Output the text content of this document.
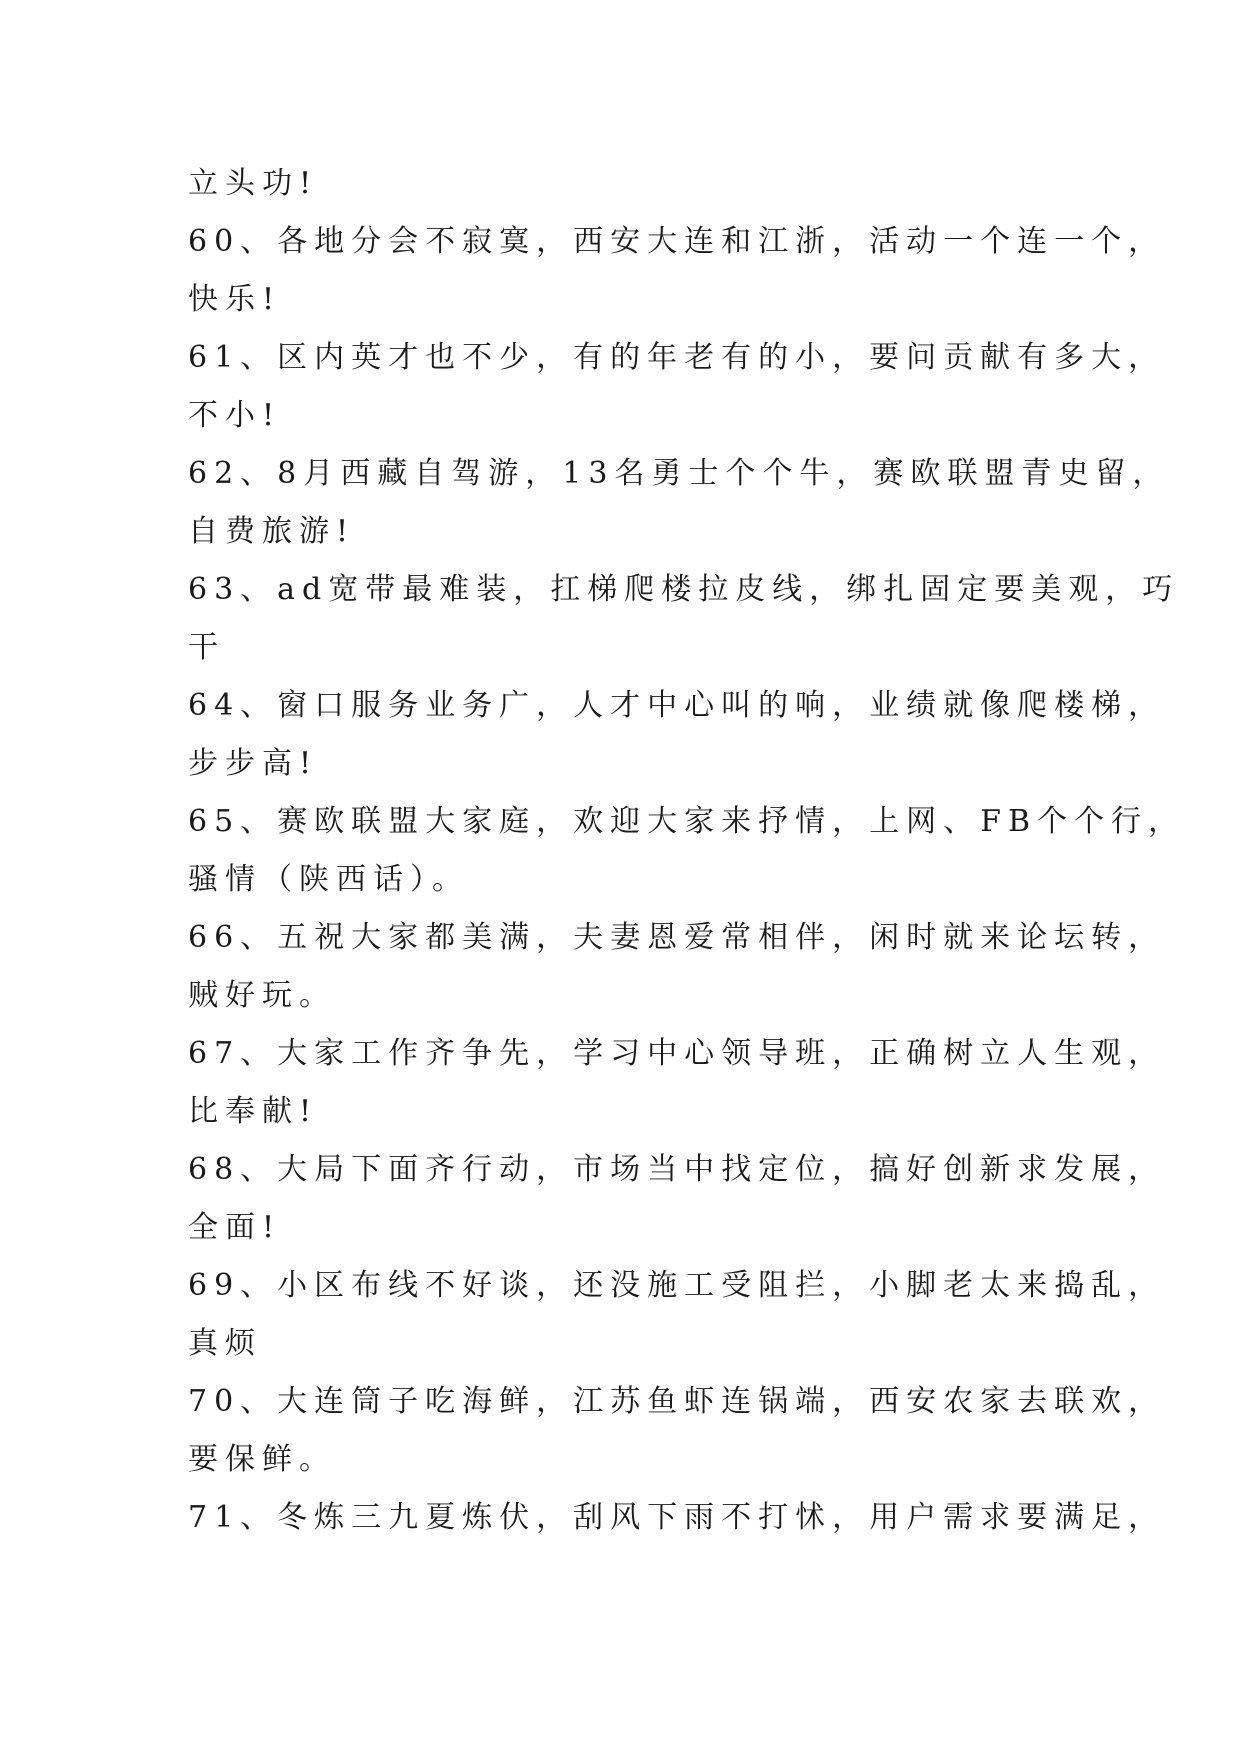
立头功!
60、各地分会不寂寞，西安大连和江浙，活动一个连一个，
快乐!
61、区内英才也不少，有的年老有的小，要问贡献有多大，
不小!
62、8月西藏自驾游，13名勇士个个牛，赛欧联盟青史留，
自费旅游!
63、ad宽带最难装，扛梯爬楼拉皮线，绑扎固定要美观，巧
干
64、窗口服务业务广，人才中心叫的响，业绩就像爬楼梯，
步步高!
65、赛欧联盟大家庭，欢迎大家来抒情，上网、FB个个行，
骚情（陕西话）。
66、五祝大家都美满，夫妻恩爱常相伴，闲时就来论坛转，
贼好玩。
67、大家工作齐争先，学习中心领导班，正确树立人生观，
比奉献!
68、大局下面齐行动，市场当中找定位，搞好创新求发展，
全面!
69、小区布线不好谈，还没施工受阻拦，小脚老太来捣乱，
真烦
70、大连筒子吃海鲜，江苏鱼虾连锅端，西安农家去联欢，
要保鲜。
71、冬炼三九夏炼伏，刮风下雨不打怵，用户需求要满足，
